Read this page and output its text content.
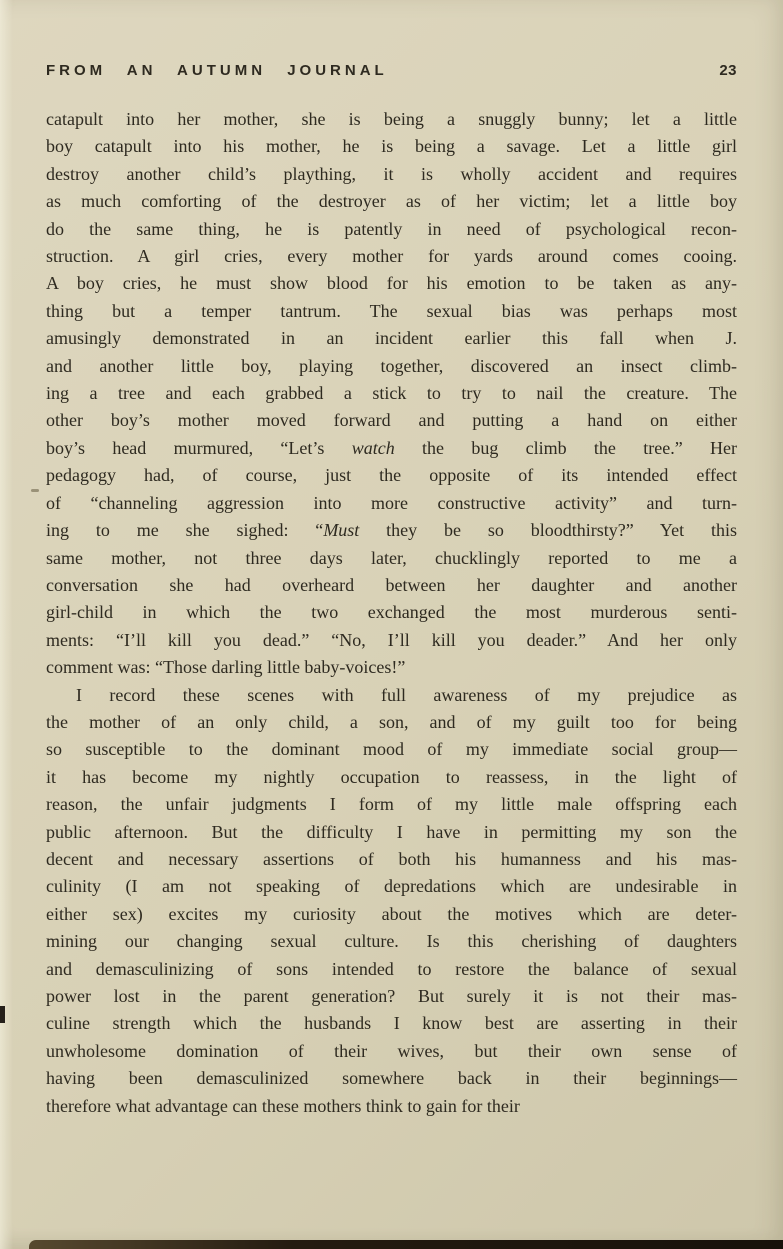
FROM AN AUTUMN JOURNAL	23
catapult into her mother, she is being a snuggly bunny; let a little
boy catapult into his mother, he is being a savage. Let a little girl
destroy another child’s plaything, it is wholly accident and requires
as much comforting of the destroyer as of her victim; let a little boy
do the same thing, he is patently in need of psychological recon-
struction. A girl cries, every mother for yards around comes cooing.
A boy cries, he must show blood for his emotion to be taken as any-
thing but a temper tantrum. The sexual bias was perhaps most
amusingly demonstrated in an incident earlier this fall when J.
and another little boy, playing together, discovered an insect climb-
ing a tree and each grabbed a stick to try to nail the creature. The
other boy’s mother moved forward and putting a hand on either
boy’s head murmured, “Let’s watch the bug climb the tree.” Her
pedagogy had, of course, just the opposite of its intended effect
of “channeling aggression into more constructive activity” and turn-
ing to me she sighed: “Must they be so bloodthirsty?” Yet this
same mother, not three days later, chucklingly reported to me a
conversation she had overheard between her daughter and another
girl-child in which the two exchanged the most murderous senti-
ments: “I’ll kill you dead.” “No, I’ll kill you deader.” And her only
comment was: “Those darling little baby-voices!”
I record these scenes with full awareness of my prejudice as
the mother of an only child, a son, and of my guilt too for being
so susceptible to the dominant mood of my immediate social group—
it has become my nightly occupation to reassess, in the light of
reason, the unfair judgments I form of my little male offspring each
public afternoon. But the difficulty I have in permitting my son the
decent and necessary assertions of both his humanness and his mas-
culinity (I am not speaking of depredations which are undesirable in
either sex) excites my curiosity about the motives which are deter-
mining our changing sexual culture. Is this cherishing of daughters
and demasculinizing of sons intended to restore the balance of sexual
power lost in the parent generation? But surely it is not their mas-
culine strength which the husbands I know best are asserting in their
unwholesome domination of their wives, but their own sense of
having been demasculinized somewhere back in their beginnings—
therefore what advantage can these mothers think to gain for their
